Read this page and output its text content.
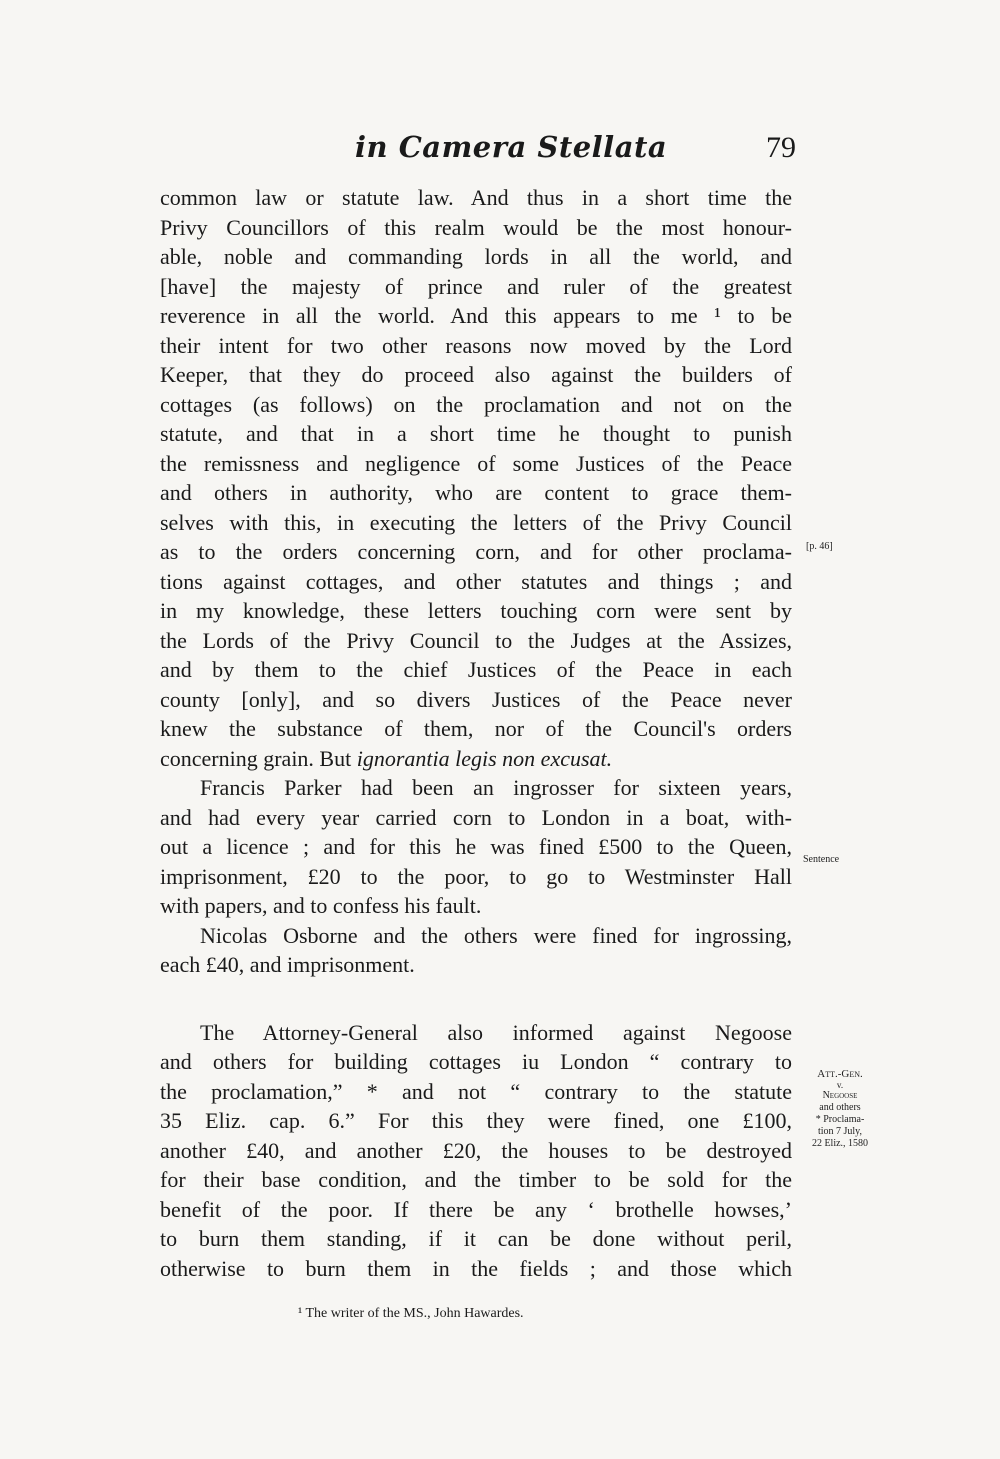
in Camera Stellata	79

common law or statute law. And thus in a short time the
Privy Councillors of this realm would be the most honour-
able, noble and commanding lords in all the world, and
[have] the majesty of prince and ruler of the greatest
reverence in all the world. And this appears to me ¹ to be
their intent for two other reasons now moved by the Lord
Keeper, that they do proceed also against the builders of
cottages (as follows) on the proclamation and not on the
statute, and that in a short time he thought to punish
the remissness and negligence of some Justices of the Peace
and others in authority, who are content to grace them-
selves with this, in executing the letters of the Privy Council
as to the orders concerning corn, and for other proclama-
tions against cottages, and other statutes and things ; and
in my knowledge, these letters touching corn were sent by
the Lords of the Privy Council to the Judges at the Assizes,
and by them to the chief Justices of the Peace in each
county [only], and so divers Justices of the Peace never
knew the substance of them, nor of the Council's orders
concerning grain. But ignorantia legis non excusat.

Francis Parker had been an ingrosser for sixteen years,
and had every year carried corn to London in a boat, with-
out a licence ; and for this he was fined £500 to the Queen,
imprisonment, £20 to the poor, to go to Westminster Hall
with papers, and to confess his fault.

Nicolas Osborne and the others were fined for ingrossing,
each £40, and imprisonment.

The Attorney-General also informed against Negoose
and others for building cottages iu London “ contrary to
the proclamation,” * and not “ contrary to the statute
35 Eliz. cap. 6.” For this they were fined, one £100,
another £40, and another £20, the houses to be destroyed
for their base condition, and the timber to be sold for the
benefit of the poor. If there be any ‘ brothelle howses,’
to burn them standing, if it can be done without peril,
otherwise to burn them in the fields ; and those which

[p. 46]
Sentence
Att.-Gen.
v.
Negoose
and others
* Proclama-
tion 7 July,
22 Eliz., 1580
¹ The writer of the MS., John Hawardes.
